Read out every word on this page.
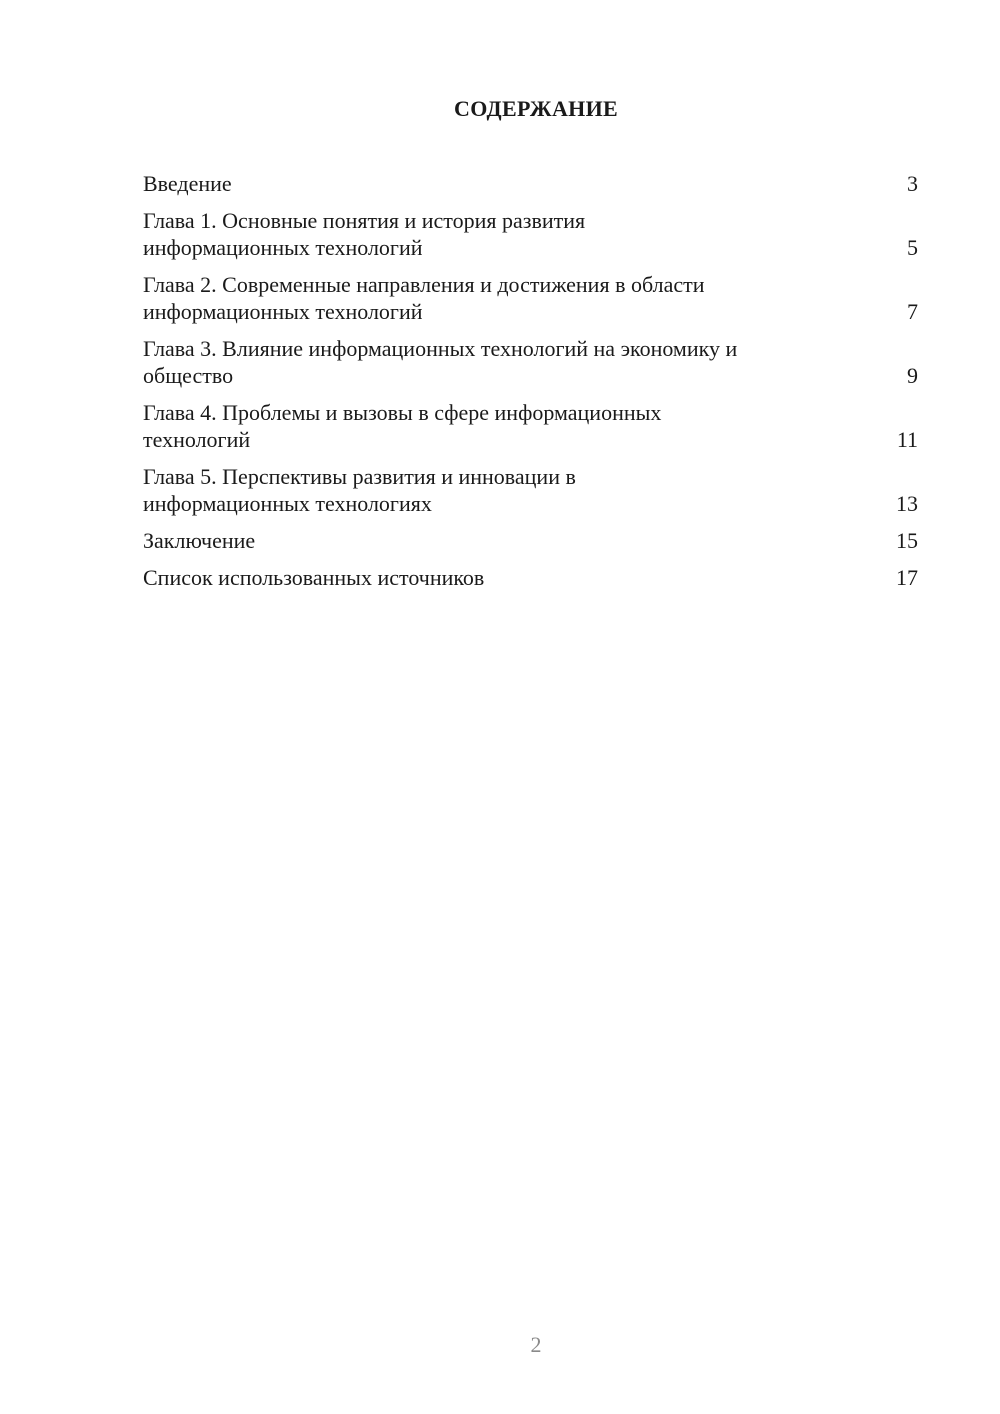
СОДЕРЖАНИЕ
Введение	3
Глава 1. Основные понятия и история развития
информационных технологий	5
Глава 2. Современные направления и достижения в области
информационных технологий	7
Глава 3. Влияние информационных технологий на экономику и
общество	9
Глава 4. Проблемы и вызовы в сфере информационных
технологий	11
Глава 5. Перспективы развития и инновации в
информационных технологиях	13
Заключение	15
Список использованных источников	17
2
